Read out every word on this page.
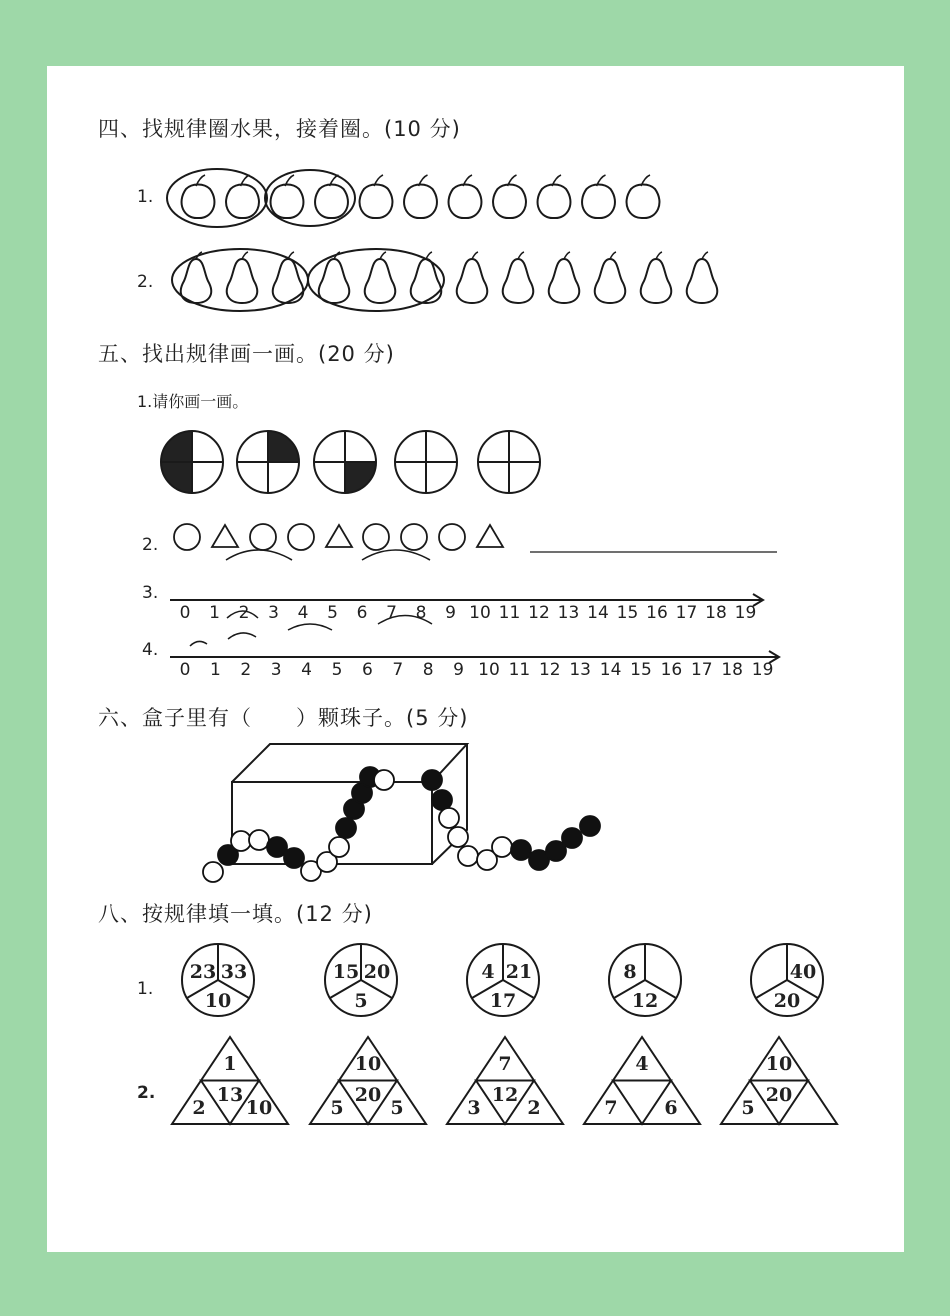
四、找规律圈水果，接着圈。(10 分)
1.
2.
五、找出规律画一画。(20 分)
1.请你画一画。
2.
3.
4.
0 1 2 3 4 5 6 7 8 9 10 11 12 13 14 15 16 17 18 19
0 1 2 3 4 5 6 7 8 9 10 11 12 13 14 15 16 17 18 19
六、盒子里有（　　）颗珠子。(5 分)
八、按规律填一填。(12 分)
1.
2.
23 33
10
15 20
5
4 21
17
8
12
40
20
1
13
2 10
10
20
5 5
7
12
3 2
4
7 6
10
20
5
